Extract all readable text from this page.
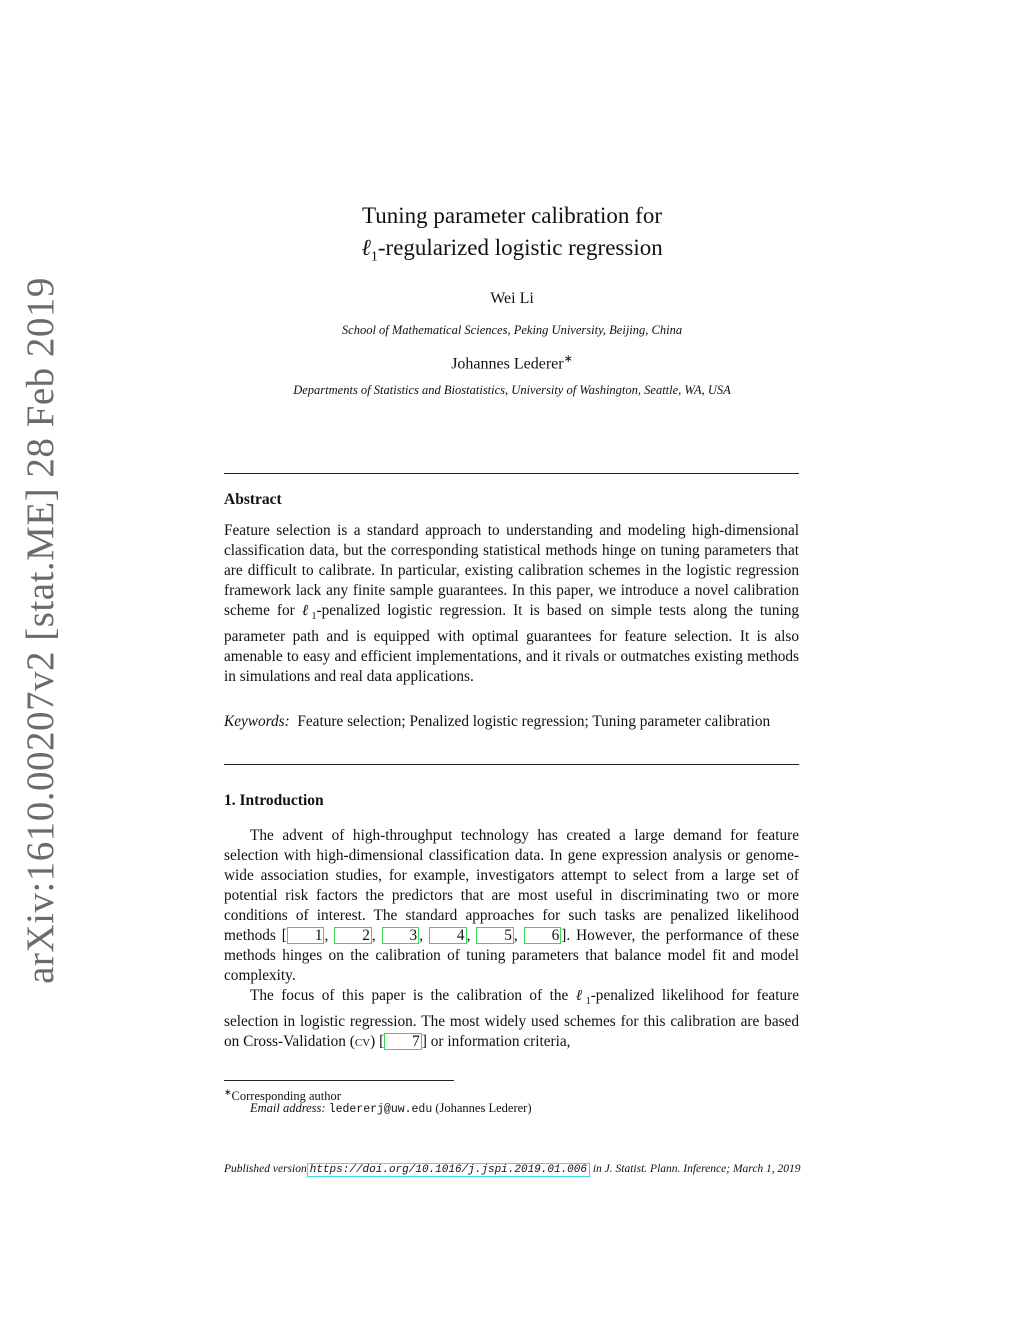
arXiv:1610.00207v2 [stat.ME] 28 Feb 2019
Tuning parameter calibration for
ℓ$_1$-regularized logistic regression
Wei Li
School of Mathematical Sciences, Peking University, Beijing, China
Johannes Lederer∗
Departments of Statistics and Biostatistics, University of Washington, Seattle, WA, USA
Abstract

Feature selection is a standard approach to understanding and modeling high-dimensional classification data, but the corresponding statistical methods hinge on tuning parameters that are difficult to calibrate. In particular, existing calibration schemes in the logistic regression framework lack any finite sample guarantees. In this paper, we introduce a novel calibration scheme for ℓ$_1$-penalized logistic regression. It is based on simple tests along the tuning parameter path and is equipped with optimal guarantees for feature selection. It is also amenable to easy and efficient implementations, and it rivals or outmatches existing methods in simulations and real data applications.

Keywords: Feature selection; Penalized logistic regression; Tuning parameter calibration

1. Introduction

The advent of high-throughput technology has created a large demand for feature selection with high-dimensional classification data. In gene expression analysis or genome-wide association studies, for example, investigators attempt to select from a large set of potential risk factors the predictors that are most useful in discriminating two or more conditions of interest. The standard approaches for such tasks are penalized likelihood methods [ 1 , 2 , 3 , 4 , 5 , 6 ]. However, the performance of these methods hinges on the calibration of tuning parameters that balance model fit and model complexity.

The focus of this paper is the calibration of the ℓ$_1$-penalized likelihood for feature selection in logistic regression. The most widely used schemes for this calibration are based on Cross-Validation (cv) [ 7 ] or information criteria,

∗Corresponding author
Email address: ledererj@uw.edu (Johannes Lederer)
Published version https://doi.org/10.1016/j.jspi.2019.01.006 in J. Statist. Plann. Inference; March 1, 2019
